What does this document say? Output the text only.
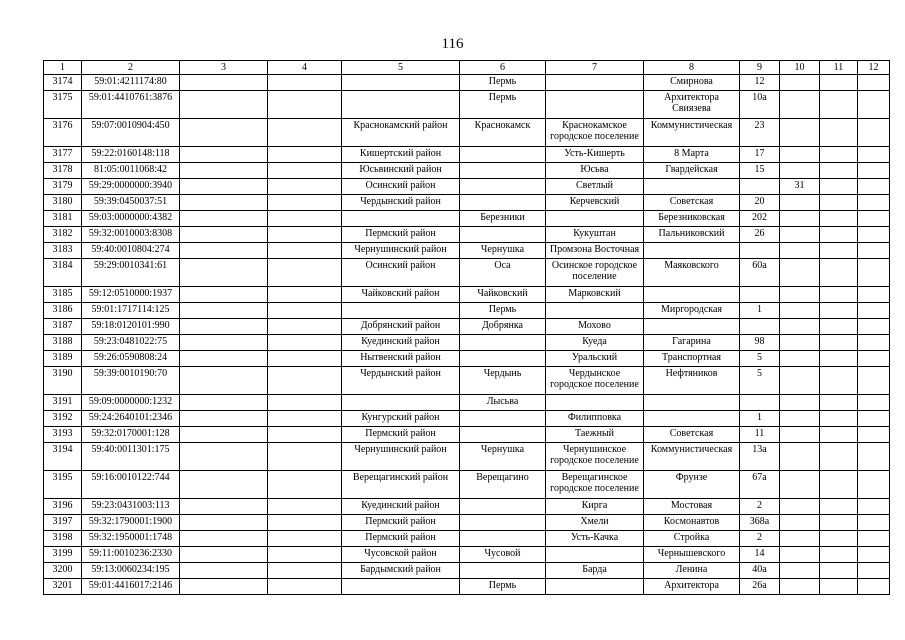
116
1	2	3	4	5	6	7	8	9	10	11	12
3174	59:01:4211174:80				Пермь		Смирнова	12			
3175	59:01:4410761:3876				Пермь		Архитектора Свиязева	10а			
3176	59:07:0010904:450			Краснокамский район	Краснокамск	Краснокамское городское поселение	Коммунистическая	23			
3177	59:22:0160148:118			Кишертский район		Усть-Кишерть	8 Марта	17			
3178	81:05:0011068:42			Юсьвинский район		Юсьва	Гвардейская	15			
3179	59:29:0000000:3940			Осинский район		Светлый			31		
3180	59:39:0450037:51			Чердынский район		Керчевский	Советская	20			
3181	59:03:0000000:4382				Березники		Березниковская	202			
3182	59:32:0010003:8308			Пермский район		Кукуштан	Пальниковский	26			
3183	59:40:0010804:274			Чернушинский район	Чернушка	Промзона Восточная					
3184	59:29:0010341:61			Осинский район	Оса	Осинское городское поселение	Маяковского	60а			
3185	59:12:0510000:1937			Чайковский район	Чайковский	Марковский					
3186	59:01:1717114:125				Пермь		Миргородская	1			
3187	59:18:0120101:990			Добрянский район	Добрянка	Мохово					
3188	59:23:0481022:75			Куединский район		Куеда	Гагарина	98			
3189	59:26:0590808:24			Нытвенский район		Уральский	Транспортная	5			
3190	59:39:0010190:70			Чердынский район	Чердынь	Чердынское городское поселение	Нефтяников	5			
3191	59:09:0000000:1232				Лысьва						
3192	59:24:2640101:2346			Кунгурский район		Филипповка		1			
3193	59:32:0170001:128			Пермский район		Таежный	Советская	11			
3194	59:40:0011301:175			Чернушинский район	Чернушка	Чернушинское городское поселение	Коммунистическая	13а			
3195	59:16:0010122:744			Верещагинский район	Верещагино	Верещагинское городское поселение	Фрунзе	67а			
3196	59:23:0431003:113			Куединский район		Кирга	Мостовая	2			
3197	59:32:1790001:1900			Пермский район		Хмели	Космонавтов	368а			
3198	59:32:1950001:1748			Пермский район		Усть-Качка	Стройка	2			
3199	59:11:0010236:2330			Чусовской район	Чусовой		Чернышевского	14			
3200	59:13:0060234:195			Бардымский район		Барда	Ленина	40а			
3201	59:01:4416017:2146				Пермь		Архитектора	26а			
